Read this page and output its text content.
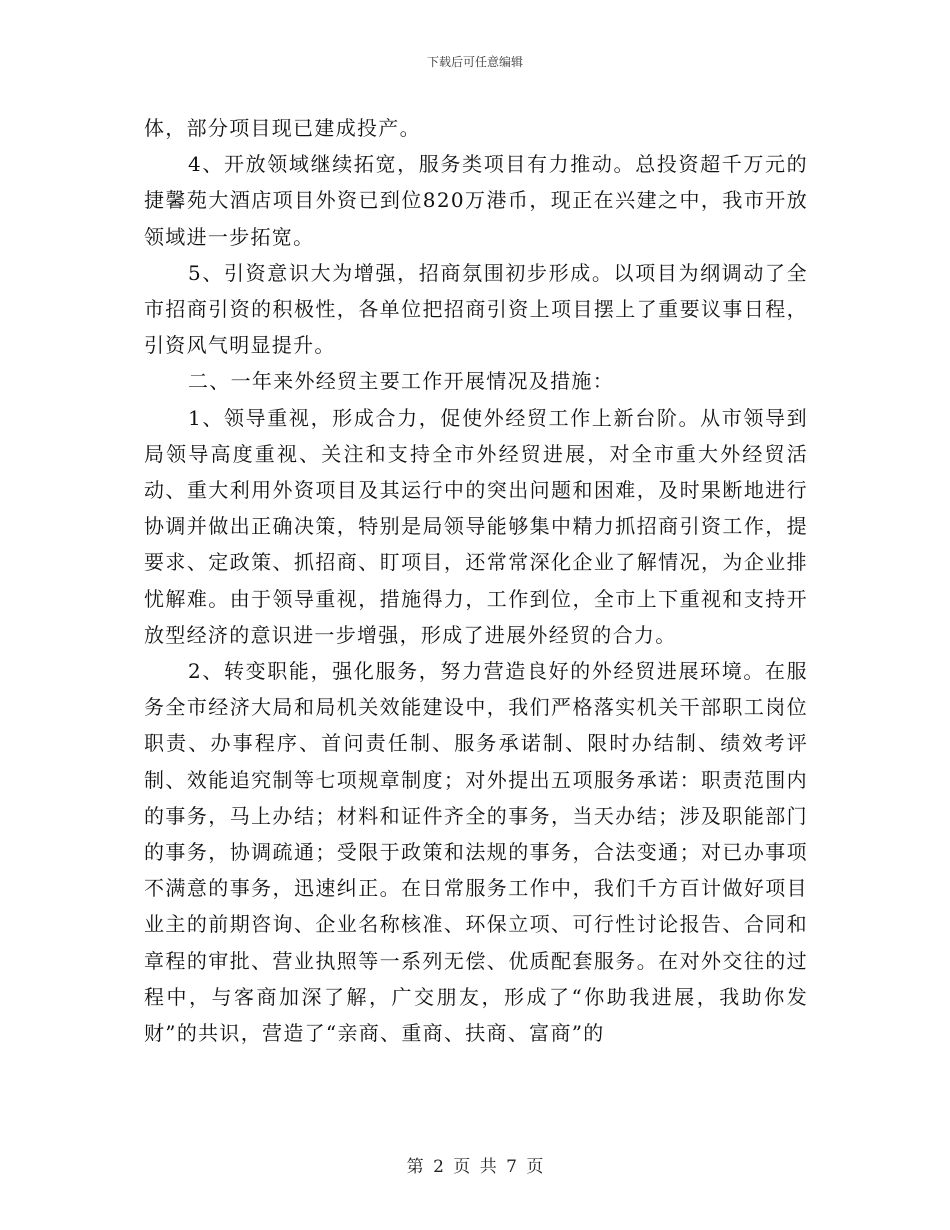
下载后可任意编辑

体，部分项目现已建成投产。

4、开放领域继续拓宽，服务类项目有力推动。总投资超千万元的捷馨苑大酒店项目外资已到位820万港币，现正在兴建之中，我市开放领域进一步拓宽。

5、引资意识大为增强，招商氛围初步形成。以项目为纲调动了全市招商引资的积极性，各单位把招商引资上项目摆上了重要议事日程，引资风气明显提升。

二、一年来外经贸主要工作开展情况及措施：

1、领导重视，形成合力，促使外经贸工作上新台阶。从市领导到局领导高度重视、关注和支持全市外经贸进展，对全市重大外经贸活动、重大利用外资项目及其运行中的突出问题和困难，及时果断地进行协调并做出正确决策，特别是局领导能够集中精力抓招商引资工作，提要求、定政策、抓招商、盯项目，还常常深化企业了解情况，为企业排忧解难。由于领导重视，措施得力，工作到位，全市上下重视和支持开放型经济的意识进一步增强，形成了进展外经贸的合力。

2、转变职能，强化服务，努力营造良好的外经贸进展环境。在服务全市经济大局和局机关效能建设中，我们严格落实机关干部职工岗位职责、办事程序、首问责任制、服务承诺制、限时办结制、绩效考评制、效能追究制等七项规章制度；对外提出五项服务承诺：职责范围内的事务，马上办结；材料和证件齐全的事务，当天办结；涉及职能部门的事务，协调疏通；受限于政策和法规的事务，合法变通；对已办事项不满意的事务，迅速纠正。在日常服务工作中，我们千方百计做好项目业主的前期咨询、企业名称核准、环保立项、可行性讨论报告、合同和章程的审批、营业执照等一系列无偿、优质配套服务。在对外交往的过程中，与客商加深了解，广交朋友，形成了“你助我进展，我助你发财”的共识，营造了“亲商、重商、扶商、富商”的

第 2 页 共 7 页
